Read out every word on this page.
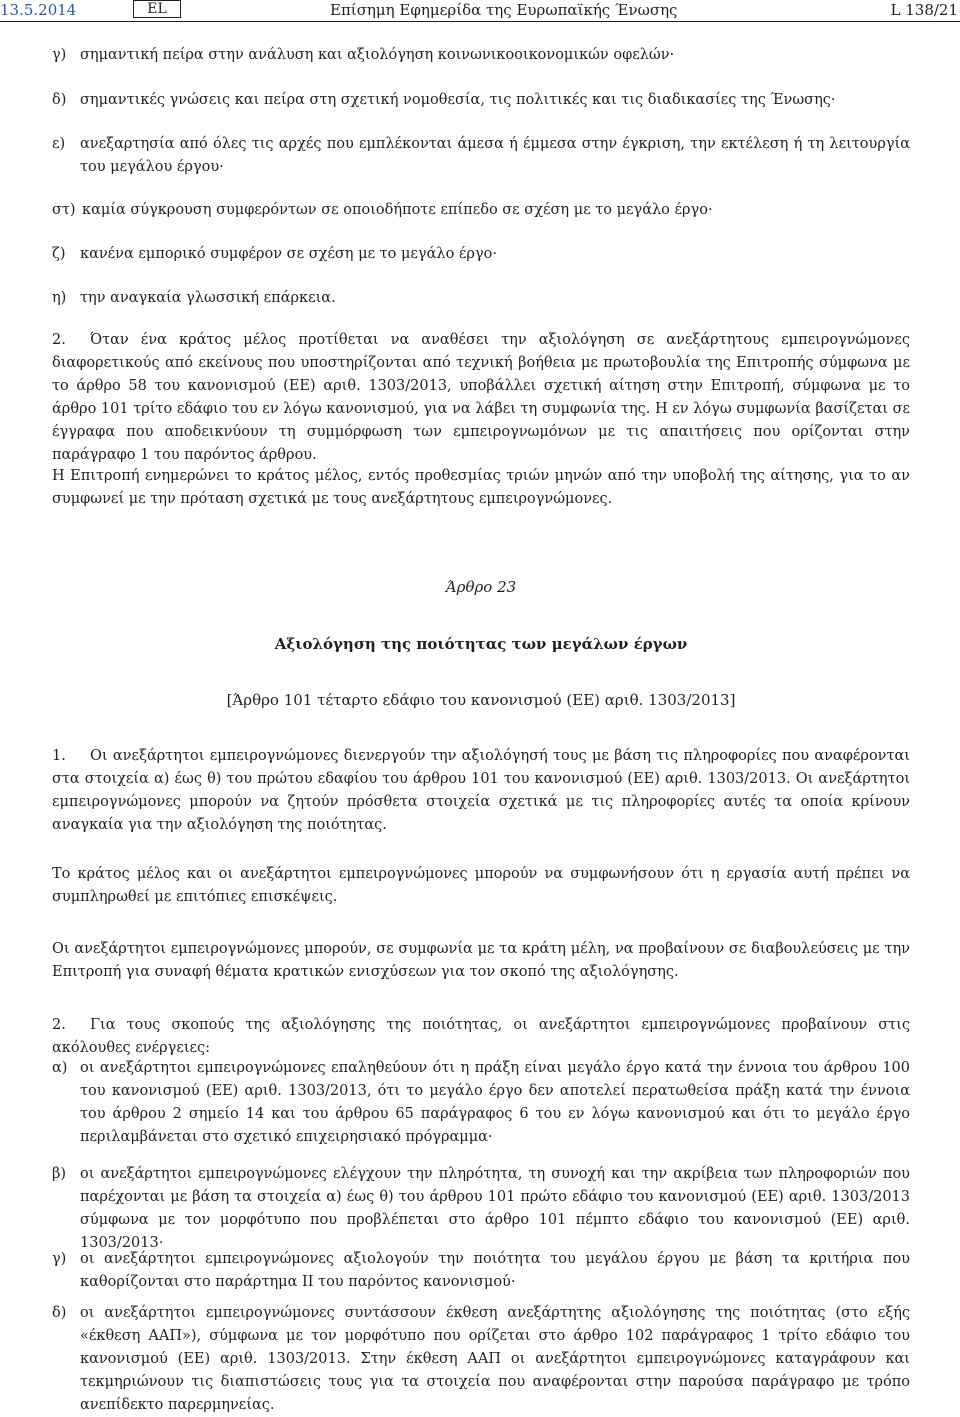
13.5.2014	EL	Επίσημη Εφημερίδα της Ευρωπαϊκής Ένωσης	L 138/21
γ) σημαντική πείρα στην ανάλυση και αξιολόγηση κοινωνικοοικονομικών οφελών·
δ) σημαντικές γνώσεις και πείρα στη σχετική νομοθεσία, τις πολιτικές και τις διαδικασίες της Ένωσης·
ε) ανεξαρτησία από όλες τις αρχές που εμπλέκονται άμεσα ή έμμεσα στην έγκριση, την εκτέλεση ή τη λειτουργία του μεγάλου έργου·
στ) καμία σύγκρουση συμφερόντων σε οποιοδήποτε επίπεδο σε σχέση με το μεγάλο έργο·
ζ) κανένα εμπορικό συμφέρον σε σχέση με το μεγάλο έργο·
η) την αναγκαία γλωσσική επάρκεια.
2.	Όταν ένα κράτος μέλος προτίθεται να αναθέσει την αξιολόγηση σε ανεξάρτητους εμπειρογνώμονες διαφορετικούς από εκείνους που υποστηρίζονται από τεχνική βοήθεια με πρωτοβουλία της Επιτροπής σύμφωνα με το άρθρο 58 του κανονισμού (ΕΕ) αριθ. 1303/2013, υποβάλλει σχετική αίτηση στην Επιτροπή, σύμφωνα με το άρθρο 101 τρίτο εδάφιο του εν λόγω κανονισμού, για να λάβει τη συμφωνία της. Η εν λόγω συμφωνία βασίζεται σε έγγραφα που αποδεικνύουν τη συμμόρφωση των εμπειρογνωμόνων με τις απαιτήσεις που ορίζονται στην παράγραφο 1 του παρόντος άρθρου.
Η Επιτροπή ενημερώνει το κράτος μέλος, εντός προθεσμίας τριών μηνών από την υποβολή της αίτησης, για το αν συμφωνεί με την πρόταση σχετικά με τους ανεξάρτητους εμπειρογνώμονες.
Άρθρο 23
Αξιολόγηση της ποιότητας των μεγάλων έργων
[Άρθρο 101 τέταρτο εδάφιο του κανονισμού (ΕΕ) αριθ. 1303/2013]
1.	Οι ανεξάρτητοι εμπειρογνώμονες διενεργούν την αξιολόγησή τους με βάση τις πληροφορίες που αναφέρονται στα στοιχεία α) έως θ) του πρώτου εδαφίου του άρθρου 101 του κανονισμού (ΕΕ) αριθ. 1303/2013. Οι ανεξάρτητοι εμπειρογνώμονες μπορούν να ζητούν πρόσθετα στοιχεία σχετικά με τις πληροφορίες αυτές τα οποία κρίνουν αναγκαία για την αξιολόγηση της ποιότητας.
Το κράτος μέλος και οι ανεξάρτητοι εμπειρογνώμονες μπορούν να συμφωνήσουν ότι η εργασία αυτή πρέπει να συμπληρωθεί με επιτόπιες επισκέψεις.
Οι ανεξάρτητοι εμπειρογνώμονες μπορούν, σε συμφωνία με τα κράτη μέλη, να προβαίνουν σε διαβουλεύσεις με την Επιτροπή για συναφή θέματα κρατικών ενισχύσεων για τον σκοπό της αξιολόγησης.
2.	Για τους σκοπούς της αξιολόγησης της ποιότητας, οι ανεξάρτητοι εμπειρογνώμονες προβαίνουν στις ακόλουθες ενέργειες:
α) οι ανεξάρτητοι εμπειρογνώμονες επαληθεύουν ότι η πράξη είναι μεγάλο έργο κατά την έννοια του άρθρου 100 του κανονισμού (ΕΕ) αριθ. 1303/2013, ότι το μεγάλο έργο δεν αποτελεί περατωθείσα πράξη κατά την έννοια του άρθρου 2 σημείο 14 και του άρθρου 65 παράγραφος 6 του εν λόγω κανονισμού και ότι το μεγάλο έργο περιλαμβάνεται στο σχετικό επιχειρησιακό πρόγραμμα·
β) οι ανεξάρτητοι εμπειρογνώμονες ελέγχουν την πληρότητα, τη συνοχή και την ακρίβεια των πληροφοριών που παρέχονται με βάση τα στοιχεία α) έως θ) του άρθρου 101 πρώτο εδάφιο του κανονισμού (ΕΕ) αριθ. 1303/2013 σύμφωνα με τον μορφότυπο που προβλέπεται στο άρθρο 101 πέμπτο εδάφιο του κανονισμού (ΕΕ) αριθ. 1303/2013·
γ) οι ανεξάρτητοι εμπειρογνώμονες αξιολογούν την ποιότητα του μεγάλου έργου με βάση τα κριτήρια που καθορίζονται στο παράρτημα II του παρόντος κανονισμού·
δ) οι ανεξάρτητοι εμπειρογνώμονες συντάσσουν έκθεση ανεξάρτητης αξιολόγησης της ποιότητας (στο εξής «έκθεση ΑΑΠ»), σύμφωνα με τον μορφότυπο που ορίζεται στο άρθρο 102 παράγραφος 1 τρίτο εδάφιο του κανονισμού (ΕΕ) αριθ. 1303/2013. Στην έκθεση ΑΑΠ οι ανεξάρτητοι εμπειρογνώμονες καταγράφουν και τεκμηριώνουν τις διαπιστώσεις τους για τα στοιχεία που αναφέρονται στην παρούσα παράγραφο με τρόπο ανεπίδεκτο παρερμηνείας.
